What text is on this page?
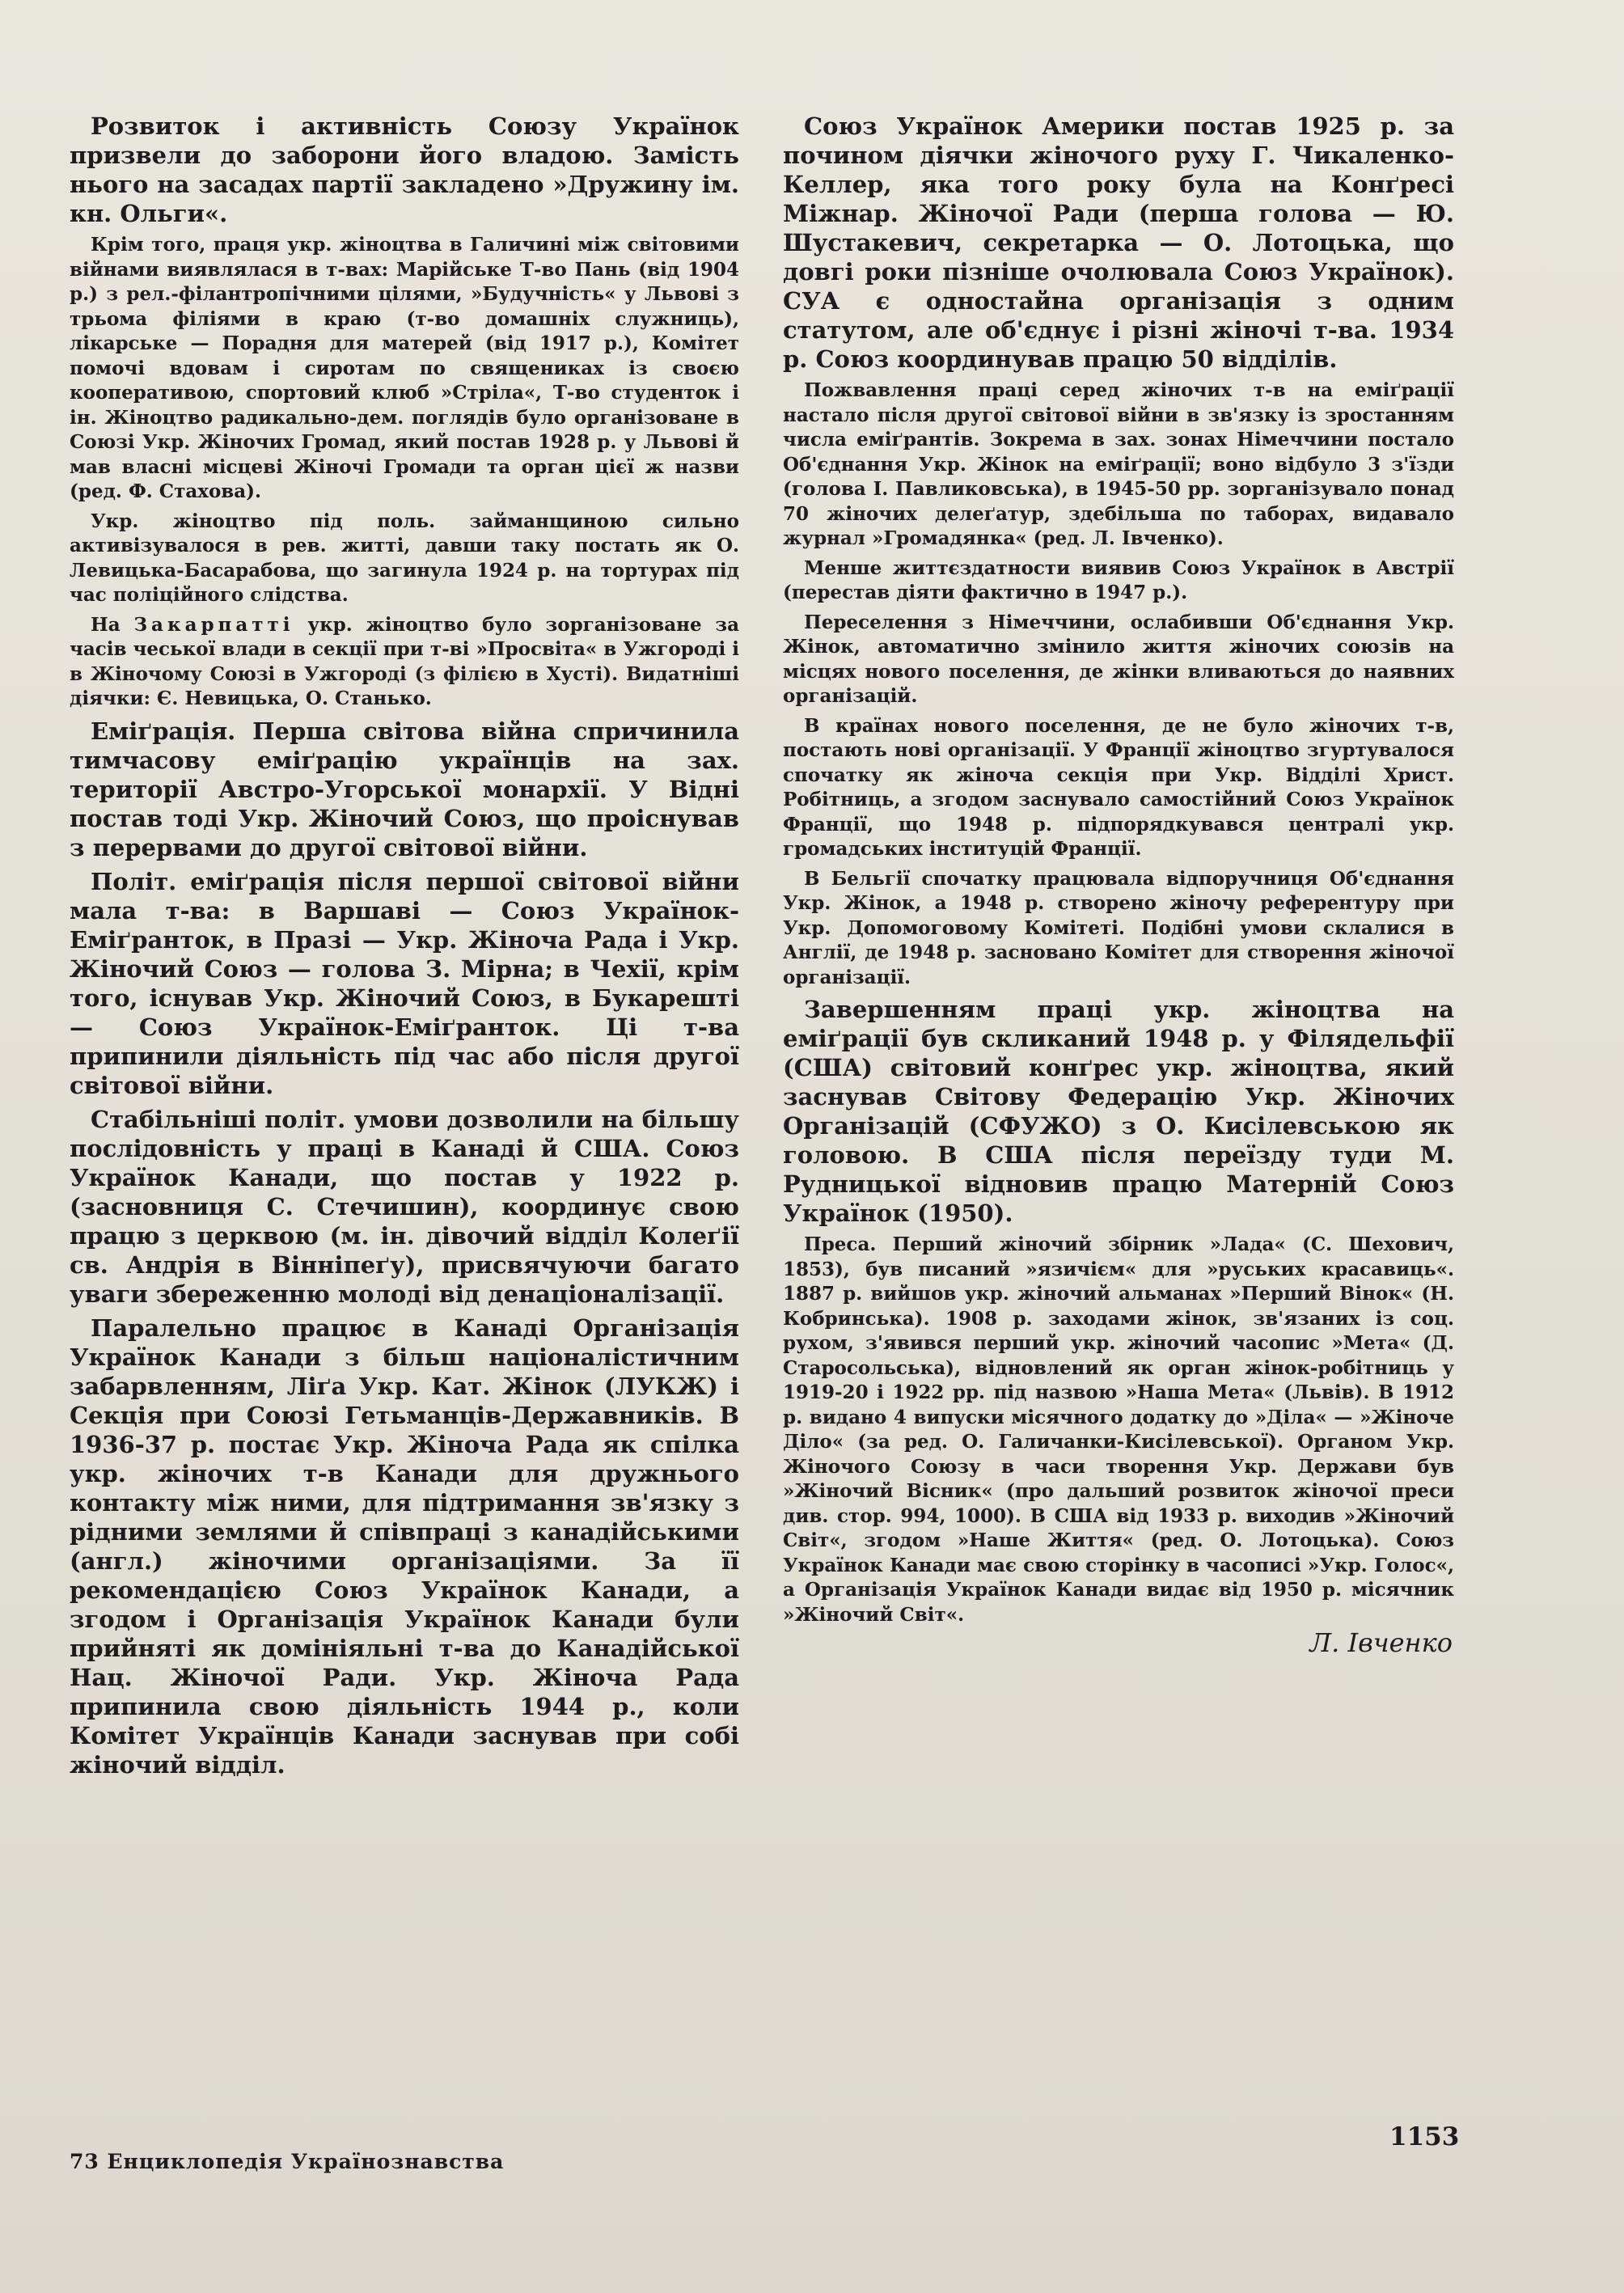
Розвиток і активність Союзу Українок призвели до заборони його владою. Замість нього на засадах партії закладено »Дружину ім. кн. Ольги«.

Крім того, праця укр. жіноцтва в Галичині між світовими війнами виявлялася в т-вах: Марійське Т-во Пань (від 1904 р.) з рел.-філантропічними цілями, »Будучність« у Львові з трьома філіями в краю (т-во домашніх служниць), лікарське — Порадня для матерей (від 1917 р.), Комітет помочі вдовам і сиротам по священиках із своєю кооперативою, спортовий клюб »Стріла«, Т-во студенток і ін. Жіноцтво радикально-дем. поглядів було організоване в Союзі Укр. Жіночих Громад, який постав 1928 р. у Львові й мав власні місцеві Жіночі Громади та орган цієї ж назви (ред. Ф. Стахова).

Укр. жіноцтво під поль. займанщиною сильно активізувалося в рев. житті, давши таку постать як О. Левицька-Басарабова, що загинула 1924 р. на тортурах під час поліційного слідства.

На Закарпатті укр. жіноцтво було зорганізоване за часів чеської влади в секції при т-ві »Просвіта« в Ужгороді і в Жіночому Союзі в Ужгороді (з філією в Хусті). Видатніші діячки: Є. Невицька, О. Станько.

Еміґрація. Перша світова війна спричинила тимчасову еміґрацію українців на зах. території Австро-Угорської монархії. У Відні постав тоді Укр. Жіночий Союз, що проіснував з перервами до другої світової війни.

Політ. еміґрація після першої світової війни мала т-ва: в Варшаві — Союз Українок-Еміґранток, в Празі — Укр. Жіноча Рада і Укр. Жіночий Союз — голова З. Мірна; в Чехії, крім того, існував Укр. Жіночий Союз, в Букарешті — Союз Українок-Еміґранток. Ці т-ва припинили діяльність під час або після другої світової війни.

Стабільніші політ. умови дозволили на більшу послідовність у праці в Канаді й США. Союз Українок Канади, що постав у 1922 р. (засновниця С. Стечишин), координує свою працю з церквою (м. ін. дівочий відділ Колеґії св. Андрія в Вінніпеґу), присвячуючи багато уваги збереженню молоді від денаціоналізації.

Паралельно працює в Канаді Організація Українок Канади з більш націоналістичним забарвленням, Ліґа Укр. Кат. Жінок (ЛУКЖ) і Секція при Союзі Гетьманців-Державників. В 1936-37 р. постає Укр. Жіноча Рада як спілка укр. жіночих т-в Канади для дружнього контакту між ними, для підтримання зв'язку з рідними землями й співпраці з канадійськими (англ.) жіночими організаціями. За її рекомендацією Союз Українок Канади, а згодом і Організація Українок Канади були прийняті як домініяльні т-ва до Канадійської Нац. Жіночої Ради. Укр. Жіноча Рада припинила свою діяльність 1944 р., коли Комітет Українців Канади заснував при собі жіночий відділ.

Союз Українок Америки постав 1925 р. за почином діячки жіночого руху Г. Чикаленко-Келлер, яка того року була на Конґресі Міжнар. Жіночої Ради (перша голова — Ю. Шустакевич, секретарка — О. Лотоцька, що довгі роки пізніше очолювала Союз Українок). СУА є одностайна організація з одним статутом, але об'єднує і різні жіночі т-ва. 1934 р. Союз координував працю 50 відділів.

Пожвавлення праці серед жіночих т-в на еміґрації настало після другої світової війни в зв'язку із зростанням числа еміґрантів. Зокрема в зах. зонах Німеччини постало Об'єднання Укр. Жінок на еміґрації; воно відбуло 3 з'їзди (голова І. Павликовська), в 1945-50 рр. зорганізувало понад 70 жіночих делеґатур, здебільша по таборах, видавало журнал »Громадянка« (ред. Л. Івченко).

Менше життєздатности виявив Союз Українок в Австрії (перестав діяти фактично в 1947 р.).

Переселення з Німеччини, ослабивши Об'єднання Укр. Жінок, автоматично змінило життя жіночих союзів на місцях нового поселення, де жінки вливаються до наявних організацій.

В країнах нового поселення, де не було жіночих т-в, постають нові організації. У Франції жіноцтво згуртувалося спочатку як жіноча секція при Укр. Відділі Христ. Робітниць, а згодом заснувало самостійний Союз Українок Франції, що 1948 р. підпорядкувався централі укр. громадських інституцій Франції.

В Бельгії спочатку працювала відпоручниця Об'єднання Укр. Жінок, а 1948 р. створено жіночу референтуру при Укр. Допомоговому Комітеті. Подібні умови склалися в Англії, де 1948 р. засновано Комітет для створення жіночої організації.

Завершенням праці укр. жіноцтва на еміґрації був скликаний 1948 р. у Філядельфії (США) світовий конґрес укр. жіноцтва, який заснував Світову Федерацію Укр. Жіночих Організацій (СФУЖО) з О. Кисілевською як головою. В США після переїзду туди М. Рудницької відновив працю Матерній Союз Українок (1950).

Преса. Перший жіночий збірник »Лада« (С. Шехович, 1853), був писаний »язичієм« для »руських красавиць«. 1887 р. вийшов укр. жіночий альманах »Перший Вінок« (Н. Кобринська). 1908 р. заходами жінок, зв'язаних із соц. рухом, з'явився перший укр. жіночий часопис »Мета« (Д. Старосольська), відновлений як орган жінок-робітниць у 1919-20 і 1922 рр. під назвою »Наша Мета« (Львів). В 1912 р. видано 4 випуски місячного додатку до »Діла« — »Жіноче Діло« (за ред. О. Галичанки-Кисілевської). Органом Укр. Жіночого Союзу в часи творення Укр. Держави був »Жіночий Вісник« (про дальший розвиток жіночої преси див. стор. 994, 1000). В США від 1933 р. виходив »Жіночий Світ«, згодом »Наше Життя« (ред. О. Лотоцька). Союз Українок Канади має свою сторінку в часописі »Укр. Голос«, а Організація Українок Канади видає від 1950 р. місячник »Жіночий Світ«.

Л. Івченко

73 Енциклопедія Українознавства
1153
